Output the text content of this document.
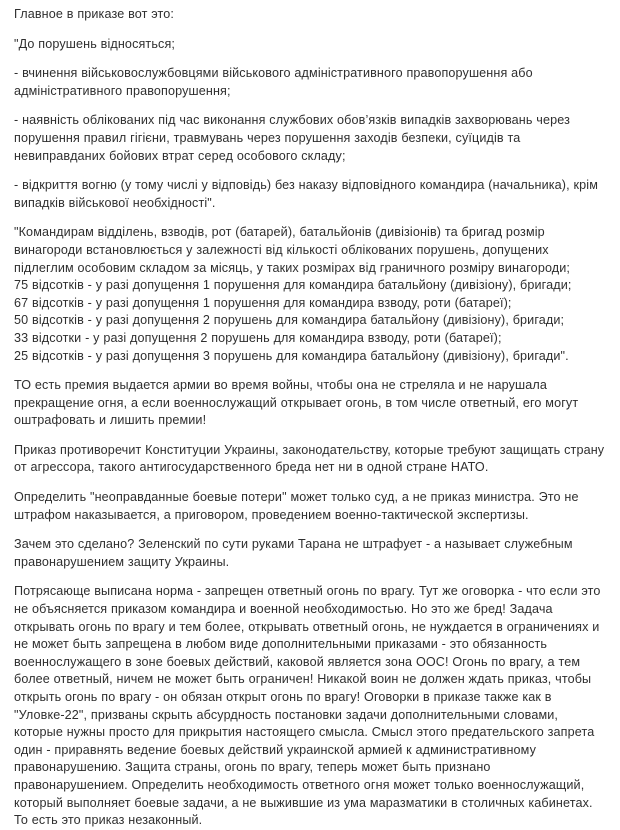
Главное в приказе вот это:

"До порушень відносяться;

- вчинення військовослужбовцями військового адміністративного правопорушення або адміністративного правопорушення;

- наявність облікованих під час виконання службових обов’язків випадків захворювань через порушення правил гігієни, травмувань через порушення заходів безпеки, суїцидів та невиправданих бойових втрат серед особового складу;

- відкриття вогню (у тому числі у відповідь) без наказу відповідного командира (начальника), крім випадків військової необхідності".

"Командирам відділень, взводів, рот (батарей), батальйонів (дивізіонів) та бригад розмір винагороди встановлюється у залежності від кількості облікованих порушень, допущених підлеглим особовим складом за місяць, у таких розмірах від граничного розміру винагороди;

75 відсотків - у разі допущення 1 порушення для командира батальйону (дивізіону), бригади;

67 відсотків - у разі допущення 1 порушення для командира взводу, роти (батареї);

50 відсотків - у разі допущення 2 порушень для командира батальйону (дивізіону), бригади;

33 відсотки - у разі допущення 2 порушень для командира взводу, роти (батареї);

25 відсотків - у разі допущення 3 порушень для командира батальйону (дивізіону), бригади".

ТО есть премия выдается армии во время войны, чтобы она не стреляла и не нарушала прекращение огня, а если военнослужащий открывает огонь, в том числе ответный, его могут оштрафовать и лишить премии!

Приказ противоречит Конституции Украины, законодательству, которые требуют защищать страну от агрессора, такого антигосударственного бреда нет ни в одной стране НАТО.

Определить "неоправданные боевые потери" может только суд, а не приказ министра. Это не штрафом наказывается, а приговором, проведением военно-тактической экспертизы.

Зачем это сделано? Зеленский по сути руками Тарана не штрафует - а называет служебным правонарушением защиту Украины.

Потрясающе выписана норма - запрещен ответный огонь по врагу. Тут же оговорка - что если это не объясняется приказом командира и военной необходимостью. Но это же бред! Задача открывать огонь по врагу и тем более, открывать ответный огонь, не нуждается в ограничениях и не может быть запрещена в любом виде дополнительными приказами - это обязанность военнослужащего в зоне боевых действий, каковой является зона ООС! Огонь по врагу, а тем более ответный, ничем не может быть ограничен! Никакой воин не должен ждать приказ, чтобы открыть огонь по врагу - он обязан открыт огонь по врагу! Оговорки в приказе также как в "Уловке-22", призваны скрыть абсурдность постановки задачи дополнительными словами, которые нужны просто для прикрытия настоящего смысла. Смысл этого предательского запрета один - приравнять ведение боевых действий украинской армией к административному правонарушению. Защита страны, огонь по врагу, теперь может быть признано правонарушением. Определить необходимость ответного огня может только военнослужащий, который выполняет боевые задачи, а не выжившие из ума маразматики в столичных кабинетах. То есть это приказ незаконный.
